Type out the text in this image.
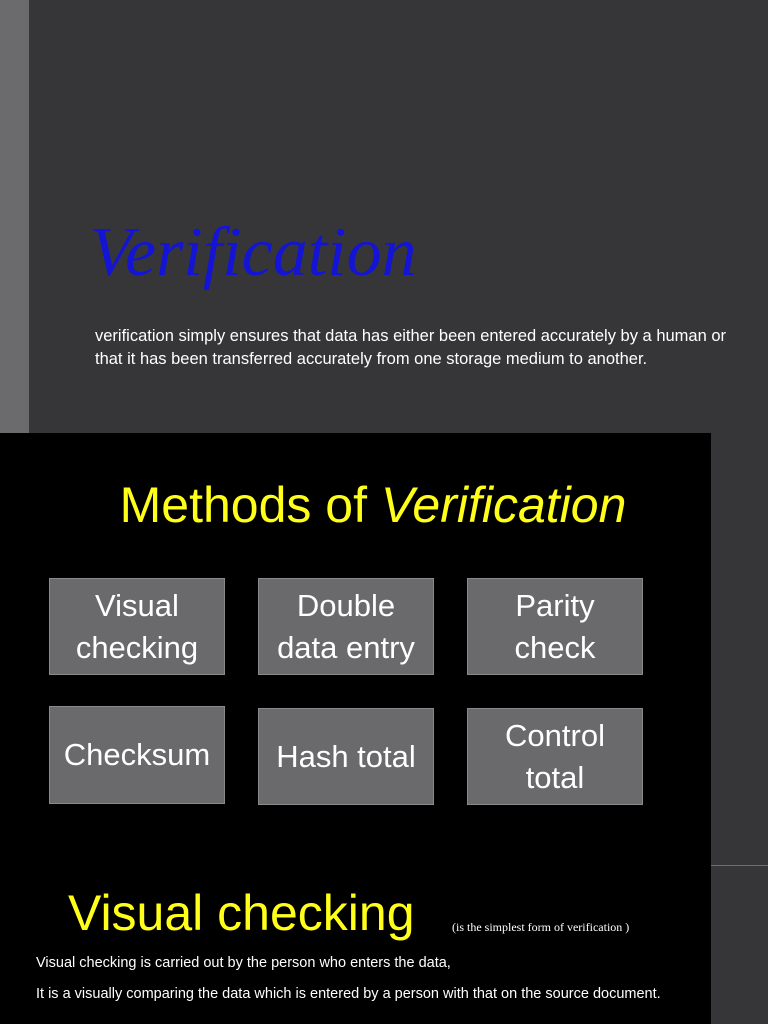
Verification
verification simply ensures that data has either been entered accurately by a human or that it has been transferred accurately from one storage medium to another.
Methods of Verification
Visual
checking
Double
data entry
Parity
check
Checksum Hash total
Control
total
Visual checking	(is the simplest form of verification )
Visual checking is carried out by the person who enters the data,
It is a visually comparing the data which is entered by a person with that on the source document.
